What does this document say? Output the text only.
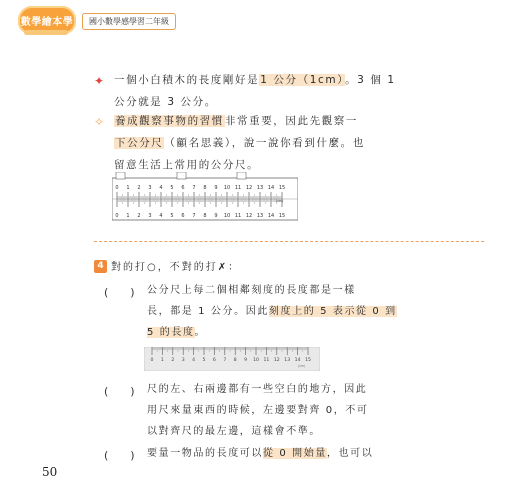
數學繪本學	國小數學感學習二年級
✦ 一個小白積木的長度剛好是1 公分（1cm）。3 個 1
公分就是 3 公分。
✧ 養成觀察事物的習慣非常重要，因此先觀察一
下公分尺（顧名思義），說一說你看到什麼。也
留意生活上常用的公分尺。
0
0
1
1
2
2
3
3
4
4
5
5
6
6
7
7
8
8
9
9
10
10
11
11
12
12
13
13
14
14
15
15
(cm)
4 對的打○，不對的打✗：
(　　) 公分尺上每二個相鄰刻度的長度都是一樣
長，都是 1 公分。因此刻度上的 5 表示從 0 到
5 的長度。
0 1 2 3 4 5 6 7 8 9 10 11 12 13 14 15
(cm)
(　　) 尺的左、右兩邊都有一些空白的地方，因此
用尺來量東西的時候，左邊要對齊 0，不可
以對齊尺的最左邊，這樣會不準。
(　　) 要量一物品的長度可以從 0 開始量，也可以
50
